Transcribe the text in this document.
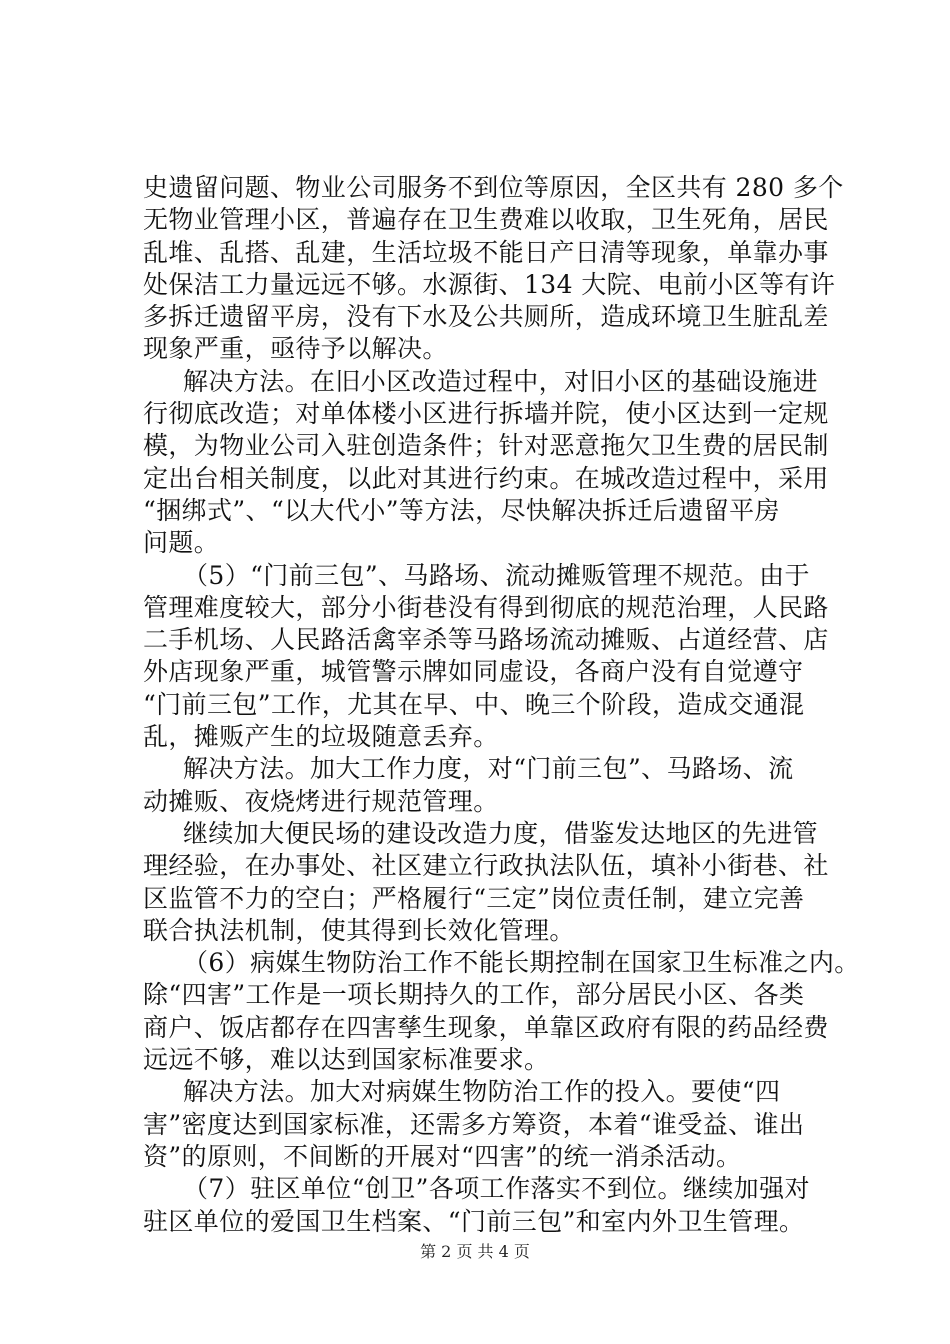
史遗留问题、物业公司服务不到位等原因，全区共有 280 多个
无物业管理小区，普遍存在卫生费难以收取，卫生死角，居民
乱堆、乱搭、乱建，生活垃圾不能日产日清等现象，单靠办事
处保洁工力量远远不够。水源街、134 大院、电前小区等有许
多拆迁遗留平房，没有下水及公共厕所，造成环境卫生脏乱差
现象严重，亟待予以解决。
解决方法。在旧小区改造过程中，对旧小区的基础设施进
行彻底改造；对单体楼小区进行拆墙并院，使小区达到一定规
模，为物业公司入驻创造条件；针对恶意拖欠卫生费的居民制
定出台相关制度，以此对其进行约束。在城改造过程中，采用
“捆绑式”、“以大代小”等方法，尽快解决拆迁后遗留平房
问题。
（5）“门前三包”、马路场、流动摊贩管理不规范。由于
管理难度较大，部分小街巷没有得到彻底的规范治理，人民路
二手机场、人民路活禽宰杀等马路场流动摊贩、占道经营、店
外店现象严重，城管警示牌如同虚设，各商户没有自觉遵守
“门前三包”工作，尤其在早、中、晚三个阶段，造成交通混
乱，摊贩产生的垃圾随意丢弃。
解决方法。加大工作力度，对“门前三包”、马路场、流
动摊贩、夜烧烤进行规范管理。
继续加大便民场的建设改造力度，借鉴发达地区的先进管
理经验，在办事处、社区建立行政执法队伍，填补小街巷、社
区监管不力的空白；严格履行“三定”岗位责任制，建立完善
联合执法机制，使其得到长效化管理。
（6）病媒生物防治工作不能长期控制在国家卫生标准之内。
除“四害”工作是一项长期持久的工作，部分居民小区、各类
商户、饭店都存在四害孳生现象，单靠区政府有限的药品经费
远远不够，难以达到国家标准要求。
解决方法。加大对病媒生物防治工作的投入。要使“四
害”密度达到国家标准，还需多方筹资，本着“谁受益、谁出
资”的原则，不间断的开展对“四害”的统一消杀活动。
（7）驻区单位“创卫”各项工作落实不到位。继续加强对
驻区单位的爱国卫生档案、“门前三包”和室内外卫生管理。
第 2 页 共 4 页
